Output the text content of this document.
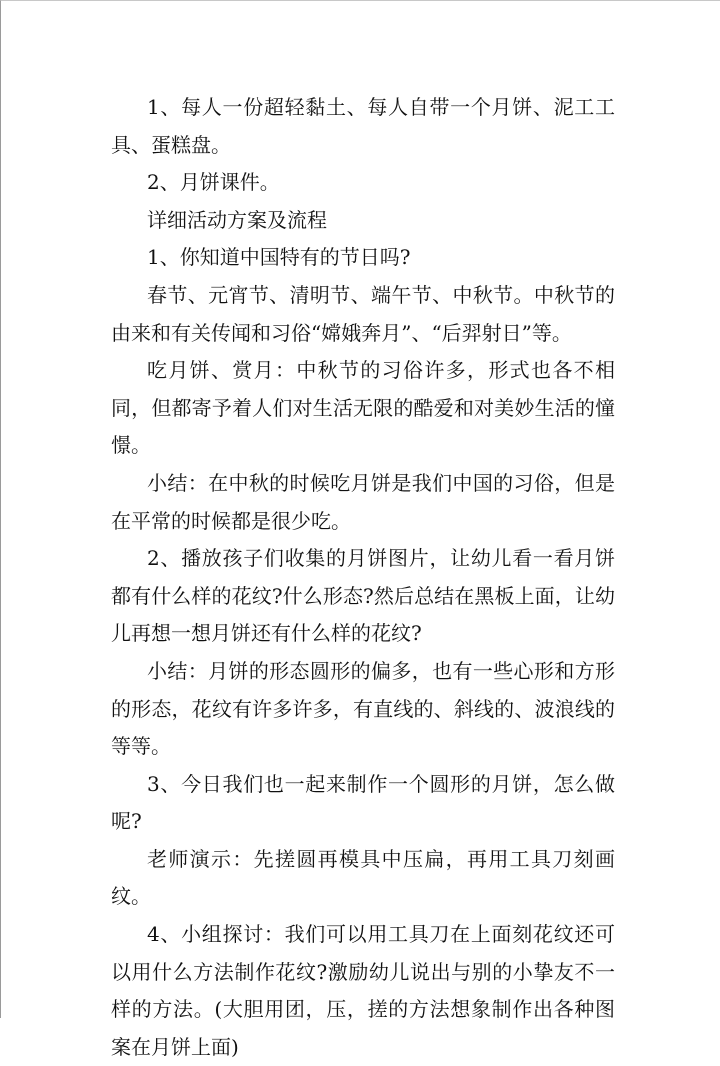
1、每人一份超轻黏土、每人自带一个月饼、泥工工具、蛋糕盘。

2、月饼课件。

详细活动方案及流程

1、你知道中国特有的节日吗?

春节、元宵节、清明节、端午节、中秋节。中秋节的由来和有关传闻和习俗“嫦娥奔月”、“后羿射日”等。

吃月饼、赏月：中秋节的习俗许多，形式也各不相同，但都寄予着人们对生活无限的酷爱和对美妙生活的憧憬。

小结：在中秋的时候吃月饼是我们中国的习俗，但是在平常的时候都是很少吃。

2、播放孩子们收集的月饼图片，让幼儿看一看月饼都有什么样的花纹?什么形态?然后总结在黑板上面，让幼儿再想一想月饼还有什么样的花纹?

小结：月饼的形态圆形的偏多，也有一些心形和方形的形态，花纹有许多许多，有直线的、斜线的、波浪线的等等。

3、今日我们也一起来制作一个圆形的月饼，怎么做呢?

老师演示：先搓圆再模具中压扁，再用工具刀刻画纹。

4、小组探讨：我们可以用工具刀在上面刻花纹还可以用什么方法制作花纹?激励幼儿说出与别的小挚友不一样的方法。(大胆用团，压，搓的方法想象制作出各种图案在月饼上面)
